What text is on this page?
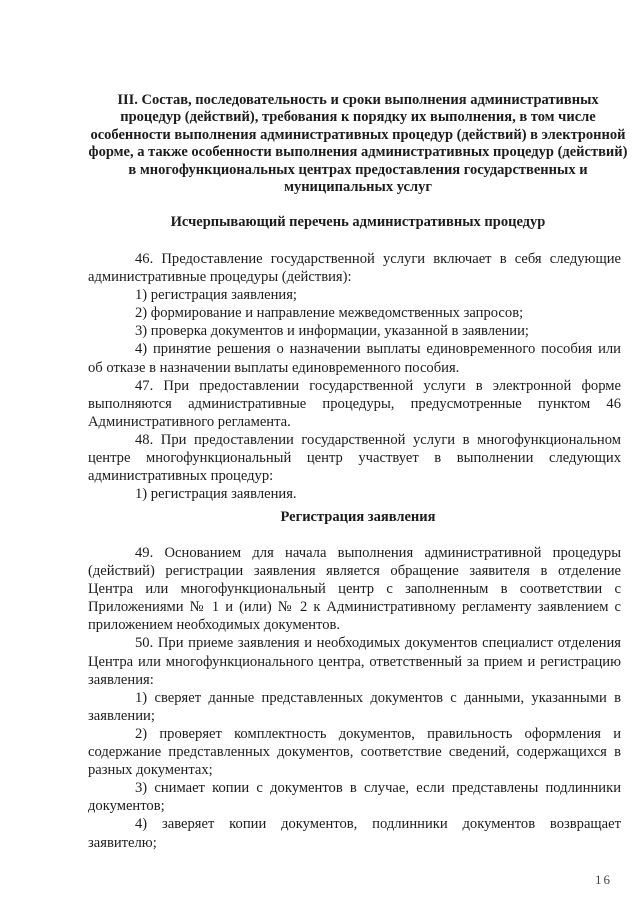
III. Состав, последовательность и сроки выполнения административных процедур (действий), требования к порядку их выполнения, в том числе особенности выполнения административных процедур (действий) в электронной форме, а также особенности выполнения административных процедур (действий) в многофункциональных центрах предоставления государственных и муниципальных услуг
Исчерпывающий перечень административных процедур

46. Предоставление государственной услуги включает в себя следующие административные процедуры (действия):

1) регистрация заявления;

2) формирование и направление межведомственных запросов;

3) проверка документов и информации, указанной в заявлении;

4) принятие решения о назначении выплаты единовременного пособия или об отказе в назначении выплаты единовременного пособия.

47. При предоставлении государственной услуги в электронной форме выполняются административные процедуры, предусмотренные пунктом 46 Административного регламента.

48. При предоставлении государственной услуги в многофункциональном центре многофункциональный центр участвует в выполнении следующих административных процедур:

1) регистрация заявления.

Регистрация заявления

49. Основанием для начала выполнения административной процедуры (действий) регистрации заявления является обращение заявителя в отделение Центра или многофункциональный центр с заполненным в соответствии с Приложениями № 1 и (или) № 2 к Административному регламенту заявлением с приложением необходимых документов.

50. При приеме заявления и необходимых документов специалист отделения Центра или многофункционального центра, ответственный за прием и регистрацию заявления:

1) сверяет данные представленных документов с данными, указанными в заявлении;

2) проверяет комплектность документов, правильность оформления и содержание представленных документов, соответствие сведений, содержащихся в разных документах;

3) снимает копии с документов в случае, если представлены подлинники документов;

4) заверяет копии документов, подлинники документов возвращает заявителю;

16
